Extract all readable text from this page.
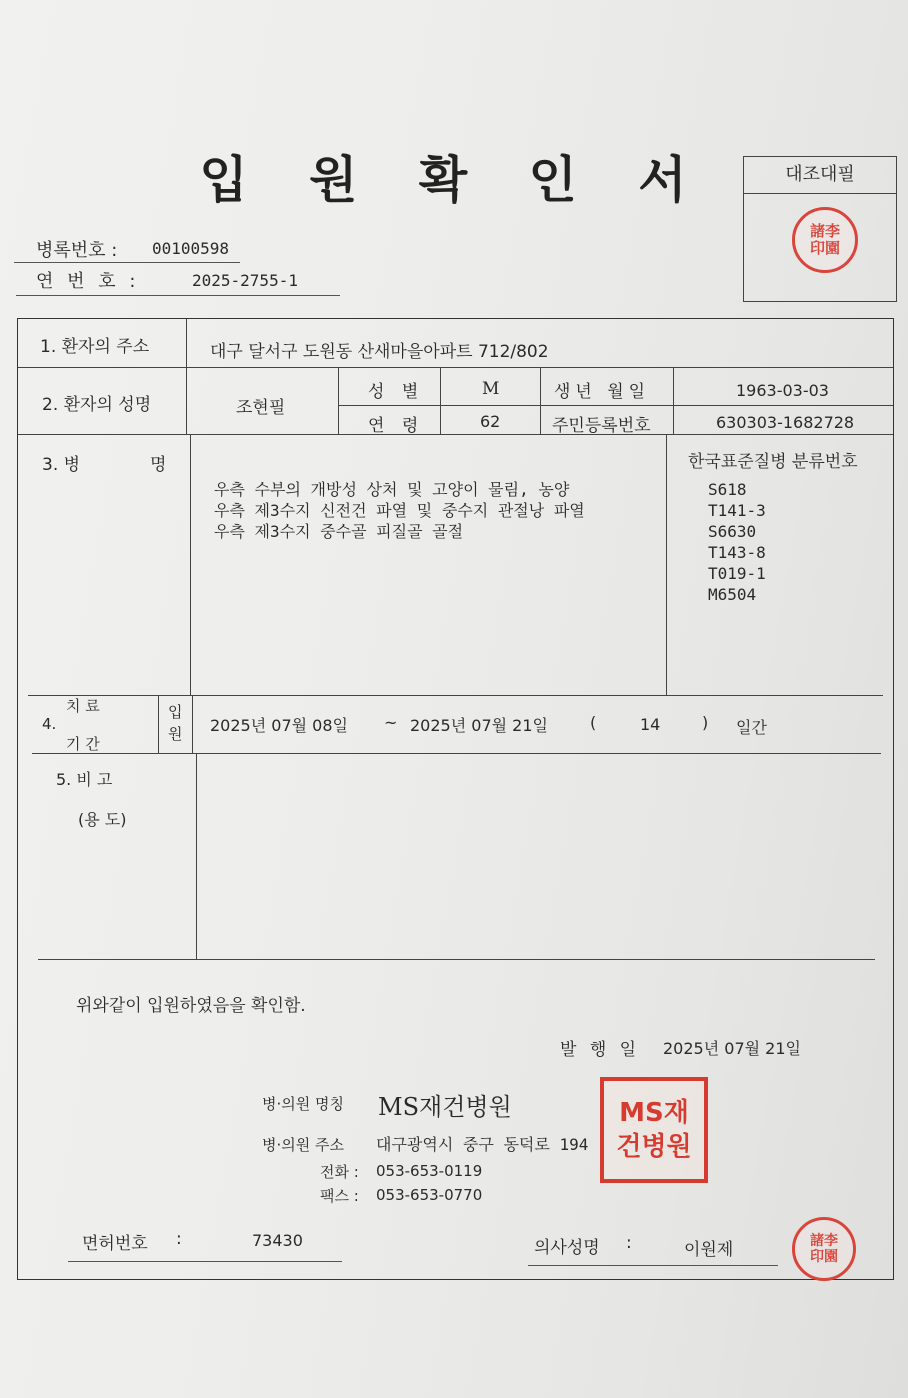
입 원 확 인 서
병록번호 : 00100598
연 번 호 :	2025-2755-1
대조대필
諸李 印園
1. 환자의 주소	대구 달서구 도원동 산새마을아파트 712/802
2. 환자의 성명	조현필
성 별	M	생년 월일	1963-03-03
연 령	62	주민등록번호	630303-1682728
3. 병	명
우측 수부의 개방성 상처 및 고양이 물림, 농양
우측 제3수지 신전건 파열 및 중수지 관절낭 파열
우측 제3수지 중수골 피질골 골절
한국표준질병 분류번호
S618
T141-3
S6630
T143-8
T019-1
M6504
4.
치 료
기 간
입원 2025년 07월 08일 ~ 2025년 07월 21일	(	14	) 일간
5. 비 고
(용 도)
위와같이 입원하였음을 확인함.
발 행 일 2025년 07월 21일
병·의원 명칭 MS재건병원
병·의원 주소 대구광역시 중구 동덕로 194
전화 : 053-653-0119
팩스 : 053-653-0770
MS재건병원
면허번호 :	73430	의사성명 :	이원제	諸李 印園
